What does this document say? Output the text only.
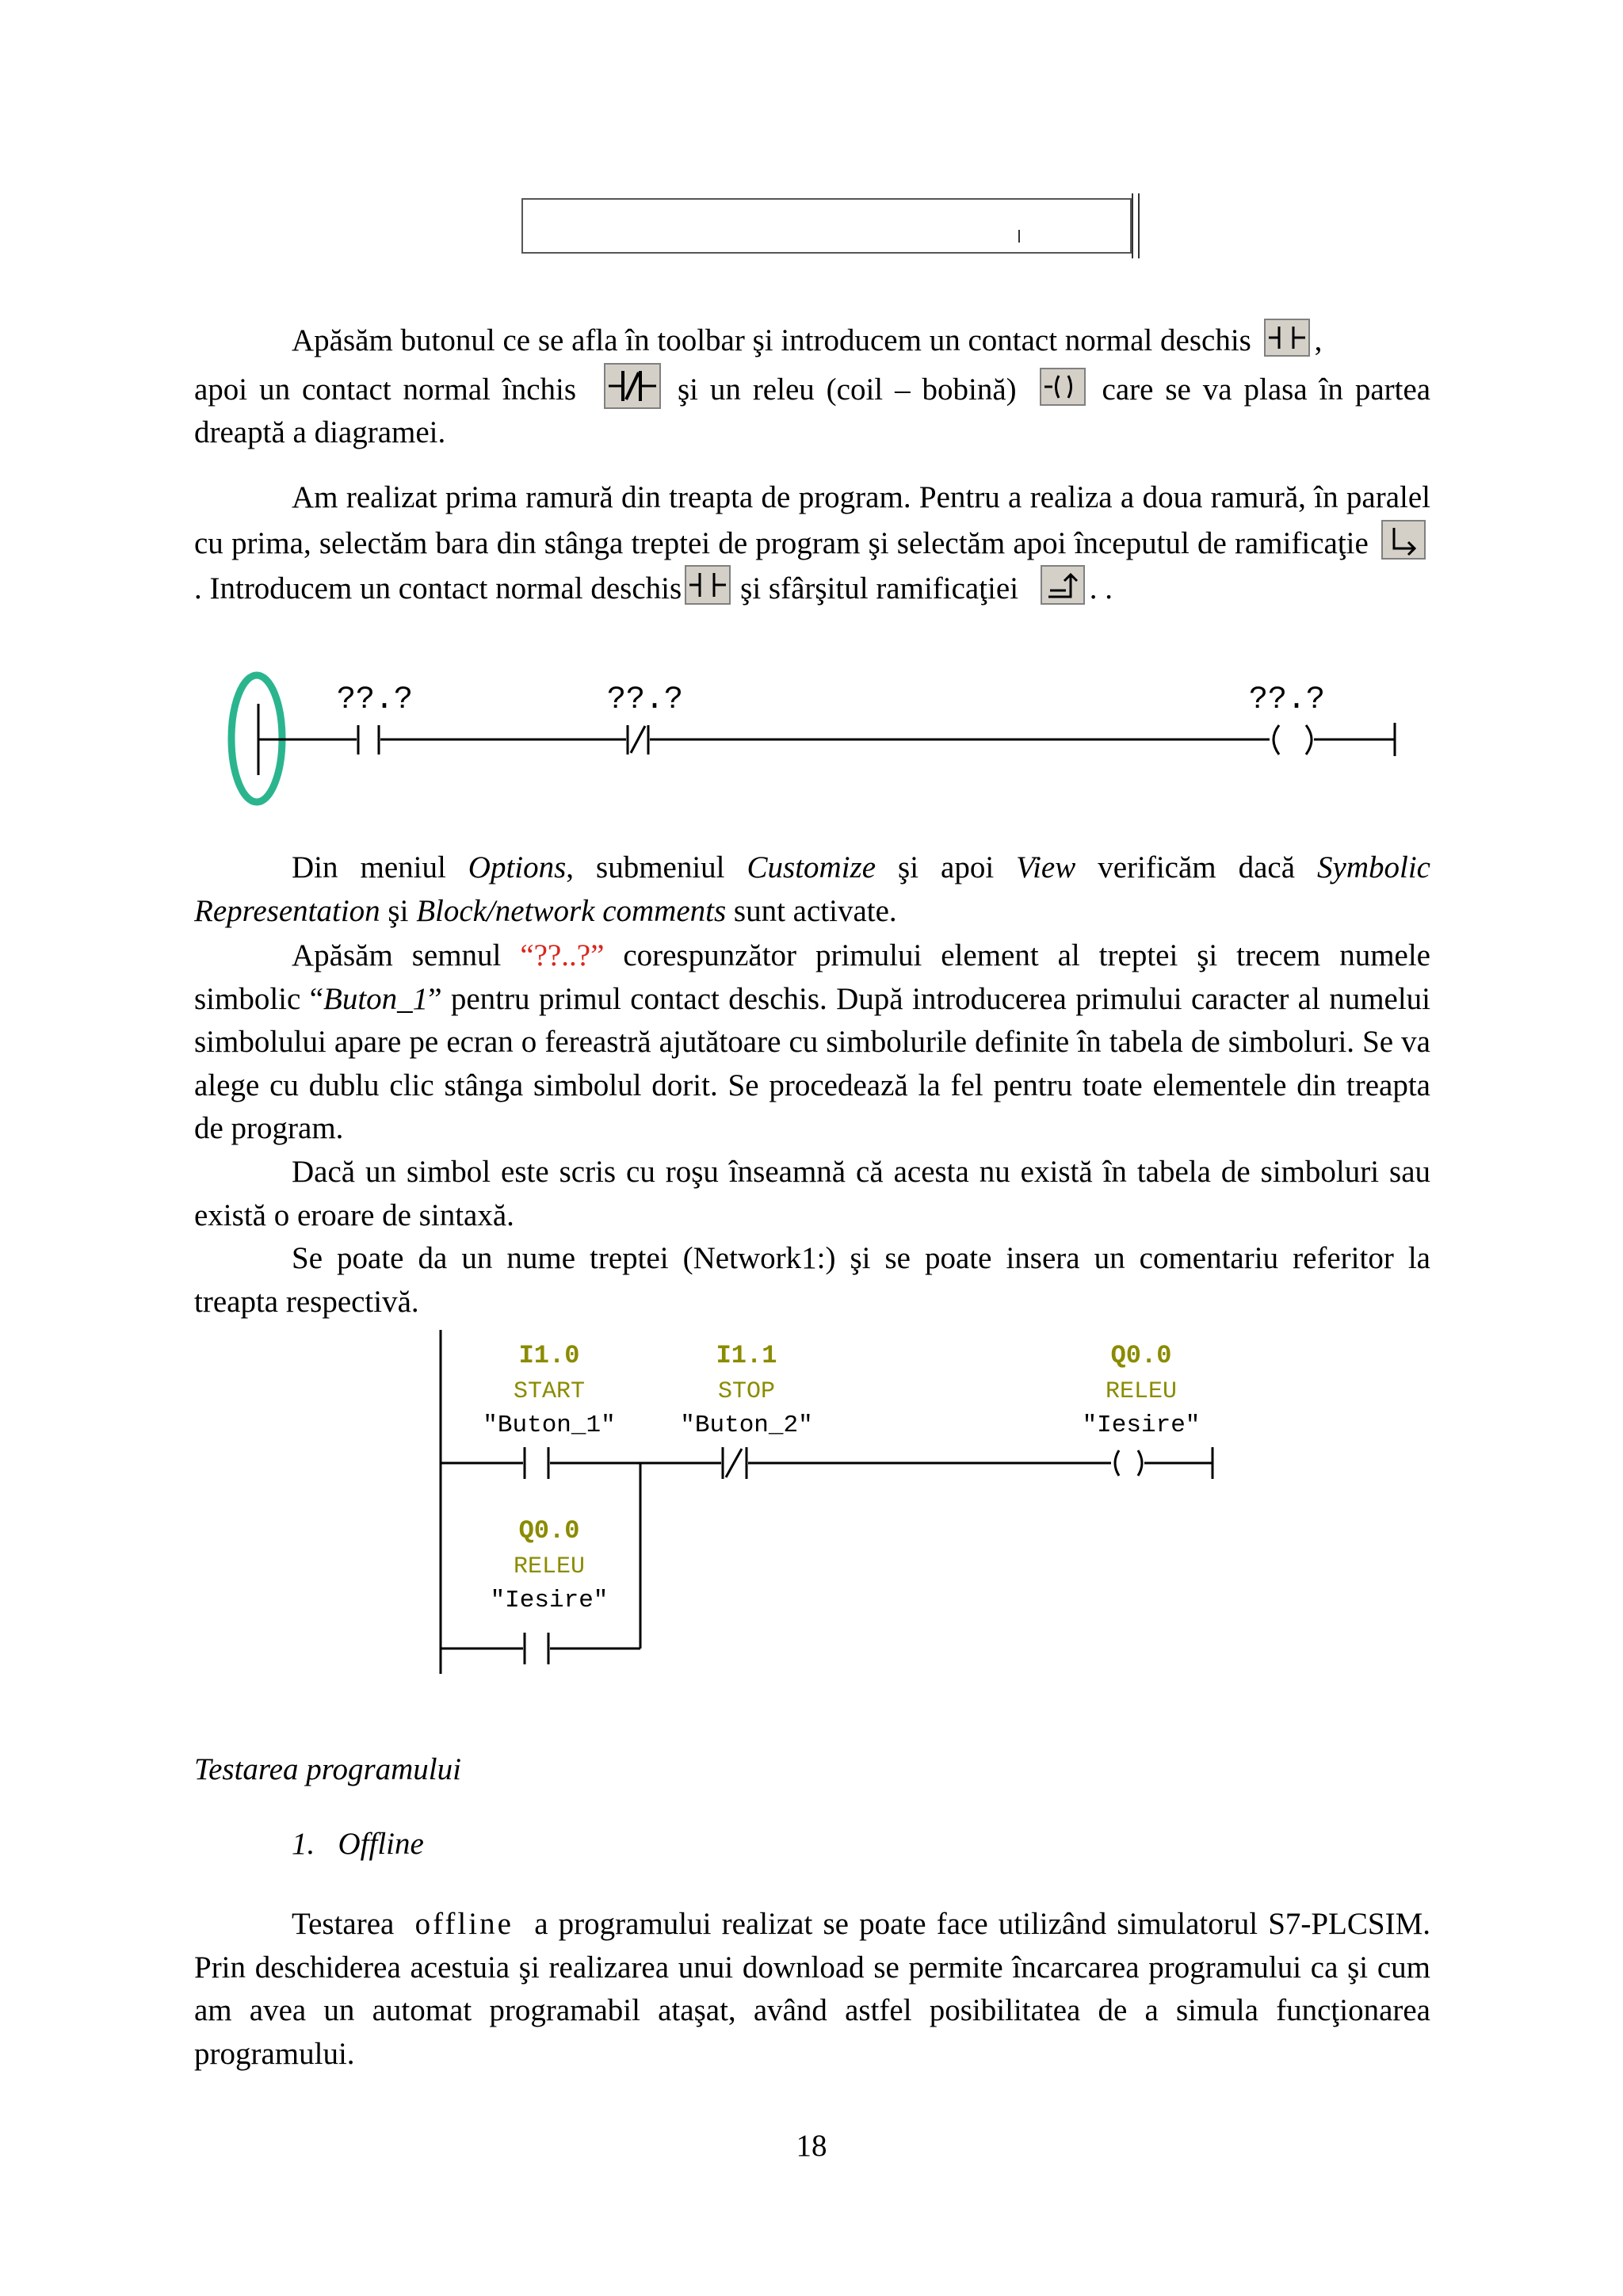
Apăsăm butonul ce se afla în toolbar şi introducem un contact normal deschis ,
apoi un contact normal închis	şi un releu (coil – bobină)	care se va plasa în partea dreaptă a diagramei.

Am realizat prima ramură din treapta de program. Pentru a realiza a doua ramură, în paralel cu prima, selectăm bara din stânga treptei de program şi selectăm apoi începutul de ramificaţie . Introducem un contact normal deschis şi sfârşitul ramificaţiei . .

??.?	??.?	??.?

Din meniul Options, submeniul Customize şi apoi View verificăm dacă Symbolic Representation şi Block/network comments sunt activate.

Apăsăm semnul “??..?” corespunzător primului element al treptei şi trecem numele simbolic “Buton_1” pentru primul contact deschis. După introducerea primului caracter al numelui simbolului apare pe ecran o fereastră ajutătoare cu simbolurile definite în tabela de simboluri. Se va alege cu dublu clic stânga simbolul dorit. Se procedează la fel pentru toate elementele din treapta de program.

Dacă un simbol este scris cu roşu înseamnă că acesta nu există în tabela de simboluri sau există o eroare de sintaxă.

Se poate da un nume treptei (Network1:) şi se poate insera un comentariu referitor la treapta respectivă.

I1.0	I1.1	Q0.0
Q0.0
START	STOP	RELEU
RELEU
"Buton_1"	"Buton_2"	"Iesire"
"Iesire"

Testarea programului

1. Offline

Testarea offline a programului realizat se poate face utilizând simulatorul S7-PLCSIM. Prin deschiderea acestuia şi realizarea unui download se permite încarcarea programului ca şi cum am avea un automat programabil ataşat, având astfel posibilitatea de a simula funcţionarea programului.

18
